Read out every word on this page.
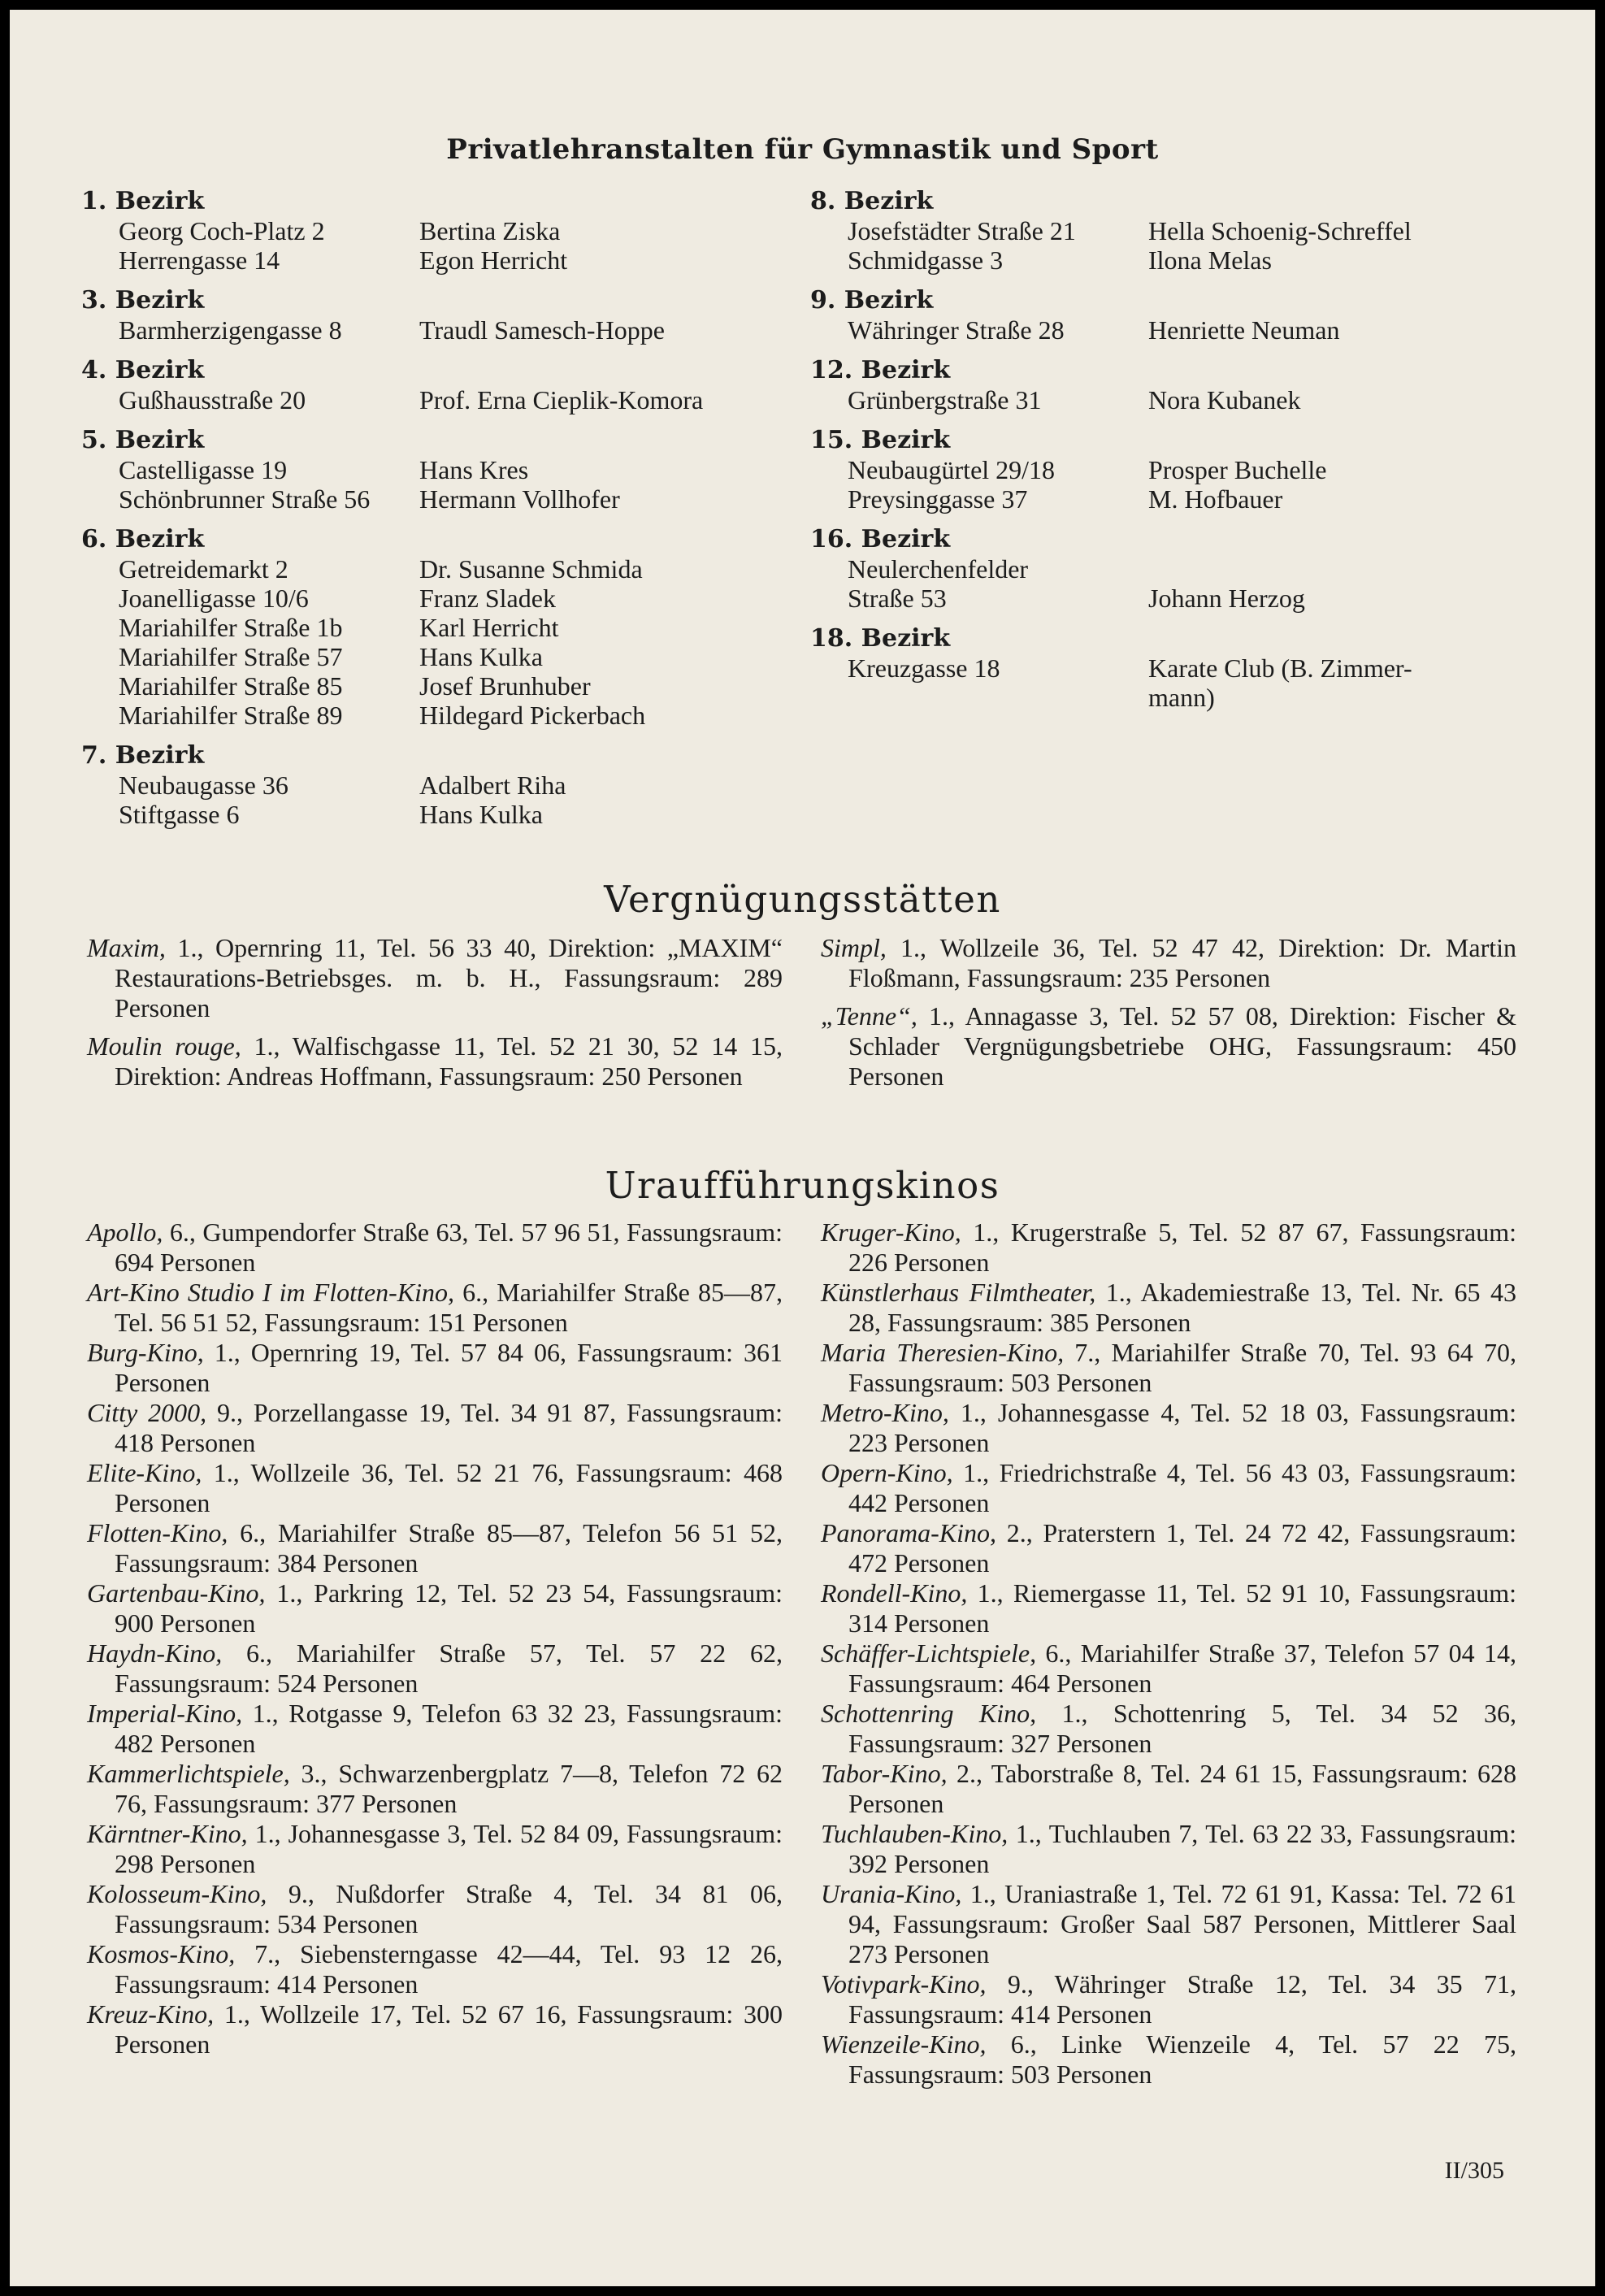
Privatlehranstalten für Gymnastik und Sport
1. Bezirk
Georg Coch-Platz 2	Bertina Ziska
Herrengasse 14	Egon Herricht
3. Bezirk
Barmherzigengasse 8	Traudl Samesch-Hoppe
4. Bezirk
Gußhausstraße 20	Prof. Erna Cieplik-Komora
5. Bezirk
Castelligasse 19	Hans Kres
Schönbrunner Straße 56	Hermann Vollhofer
6. Bezirk
Getreidemarkt 2	Dr. Susanne Schmida
Joanelligasse 10/6	Franz Sladek
Mariahilfer Straße 1b	Karl Herricht
Mariahilfer Straße 57	Hans Kulka
Mariahilfer Straße 85	Josef Brunhuber
Mariahilfer Straße 89	Hildegard Pickerbach
7. Bezirk
Neubaugasse 36	Adalbert Riha
Stiftgasse 6	Hans Kulka
8. Bezirk
Josefstädter Straße 21	Hella Schoenig-Schreffel
Schmidgasse 3	Ilona Melas
9. Bezirk
Währinger Straße 28	Henriette Neuman
12. Bezirk
Grünbergstraße 31	Nora Kubanek
15. Bezirk
Neubaugürtel 29/18	Prosper Buchelle
Preysinggasse 37	M. Hofbauer
16. Bezirk
Neulerchenfelder
Straße 53	Johann Herzog
18. Bezirk
Kreuzgasse 18	Karate Club (B. Zimmer-
mann)
Vergnügungsstätten
Maxim, 1., Opernring 11, Tel. 56 33 40, Direktion: „MAXIM“ Restaurations-Betriebsges. m. b. H., Fassungsraum: 289 Personen
Moulin rouge, 1., Walfischgasse 11, Tel. 52 21 30, 52 14 15, Direktion: Andreas Hoffmann, Fassungsraum: 250 Personen
Simpl, 1., Wollzeile 36, Tel. 52 47 42, Direktion: Dr. Martin Floßmann, Fassungsraum: 235 Personen
„Tenne“, 1., Annagasse 3, Tel. 52 57 08, Direktion: Fischer & Schlader Vergnügungsbetriebe OHG, Fassungsraum: 450 Personen
Uraufführungskinos
Apollo, 6., Gumpendorfer Straße 63, Tel. 57 96 51, Fassungsraum: 694 Personen
Art-Kino Studio I im Flotten-Kino, 6., Mariahilfer Straße 85—87, Tel. 56 51 52, Fassungsraum: 151 Personen
Burg-Kino, 1., Opernring 19, Tel. 57 84 06, Fassungsraum: 361 Personen
Citty 2000, 9., Porzellangasse 19, Tel. 34 91 87, Fassungsraum: 418 Personen
Elite-Kino, 1., Wollzeile 36, Tel. 52 21 76, Fassungsraum: 468 Personen
Flotten-Kino, 6., Mariahilfer Straße 85—87, Telefon 56 51 52, Fassungsraum: 384 Personen
Gartenbau-Kino, 1., Parkring 12, Tel. 52 23 54, Fassungsraum: 900 Personen
Haydn-Kino, 6., Mariahilfer Straße 57, Tel. 57 22 62, Fassungsraum: 524 Personen
Imperial-Kino, 1., Rotgasse 9, Telefon 63 32 23, Fassungsraum: 482 Personen
Kammerlichtspiele, 3., Schwarzenbergplatz 7—8, Telefon 72 62 76, Fassungsraum: 377 Personen
Kärntner-Kino, 1., Johannesgasse 3, Tel. 52 84 09, Fassungsraum: 298 Personen
Kolosseum-Kino, 9., Nußdorfer Straße 4, Tel. 34 81 06, Fassungsraum: 534 Personen
Kosmos-Kino, 7., Siebensterngasse 42—44, Tel. 93 12 26, Fassungsraum: 414 Personen
Kreuz-Kino, 1., Wollzeile 17, Tel. 52 67 16, Fassungsraum: 300 Personen
Kruger-Kino, 1., Krugerstraße 5, Tel. 52 87 67, Fassungsraum: 226 Personen
Künstlerhaus Filmtheater, 1., Akademiestraße 13, Tel. Nr. 65 43 28, Fassungsraum: 385 Personen
Maria Theresien-Kino, 7., Mariahilfer Straße 70, Tel. 93 64 70, Fassungsraum: 503 Personen
Metro-Kino, 1., Johannesgasse 4, Tel. 52 18 03, Fassungsraum: 223 Personen
Opern-Kino, 1., Friedrichstraße 4, Tel. 56 43 03, Fassungsraum: 442 Personen
Panorama-Kino, 2., Praterstern 1, Tel. 24 72 42, Fassungsraum: 472 Personen
Rondell-Kino, 1., Riemergasse 11, Tel. 52 91 10, Fassungsraum: 314 Personen
Schäffer-Lichtspiele, 6., Mariahilfer Straße 37, Telefon 57 04 14, Fassungsraum: 464 Personen
Schottenring Kino, 1., Schottenring 5, Tel. 34 52 36, Fassungsraum: 327 Personen
Tabor-Kino, 2., Taborstraße 8, Tel. 24 61 15, Fassungsraum: 628 Personen
Tuchlauben-Kino, 1., Tuchlauben 7, Tel. 63 22 33, Fassungsraum: 392 Personen
Urania-Kino, 1., Uraniastraße 1, Tel. 72 61 91, Kassa: Tel. 72 61 94, Fassungsraum: Großer Saal 587 Personen, Mittlerer Saal 273 Personen
Votivpark-Kino, 9., Währinger Straße 12, Tel. 34 35 71, Fassungsraum: 414 Personen
Wienzeile-Kino, 6., Linke Wienzeile 4, Tel. 57 22 75, Fassungsraum: 503 Personen
II/305
